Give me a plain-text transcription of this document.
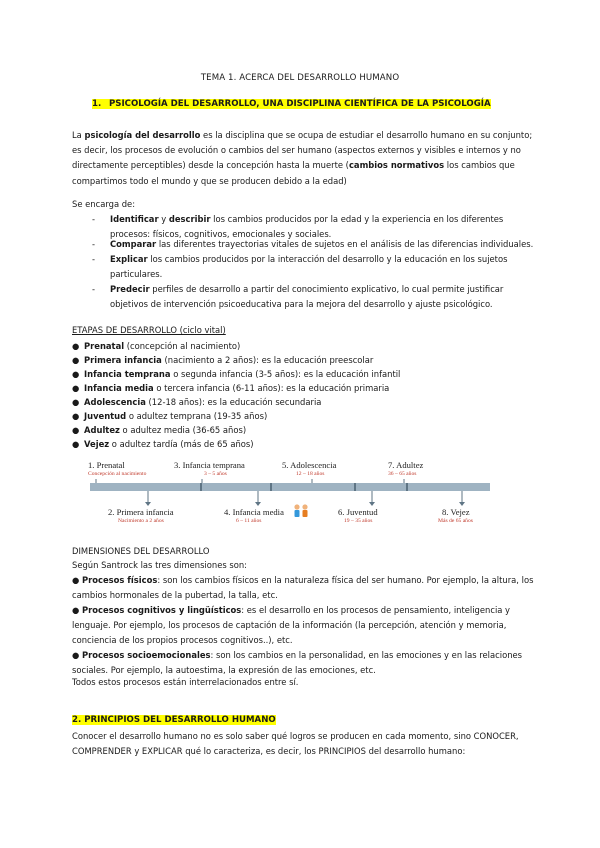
TEMA 1. ACERCA DEL DESARROLLO HUMANO
1. PSICOLOGÍA DEL DESARROLLO, UNA DISCIPLINA CIENTÍFICA DE LA PSICOLOGÍA
La psicología del desarrollo es la disciplina que se ocupa de estudiar el desarrollo humano en su conjunto; es decir, los procesos de evolución o cambios del ser humano (aspectos externos y visibles e internos y no directamente perceptibles) desde la concepción hasta la muerte (cambios normativos los cambios que compartimos todo el mundo y que se producen debido a la edad)
Se encarga de:
- Identificar y describir los cambios producidos por la edad y la experiencia en los diferentes procesos: físicos, cognitivos, emocionales y sociales.
- Comparar las diferentes trayectorias vitales de sujetos en el análisis de las diferencias individuales.
- Explicar los cambios producidos por la interacción del desarrollo y la educación en los sujetos particulares.
- Predecir perfiles de desarrollo a partir del conocimiento explicativo, lo cual permite justificar objetivos de intervención psicoeducativa para la mejora del desarrollo y ajuste psicológico.
ETAPAS DE DESARROLLO (ciclo vital)
● Prenatal (concepción al nacimiento)
● Primera infancia (nacimiento a 2 años): es la educación preescolar
● Infancia temprana o segunda infancia (3-5 años): es la educación infantil
● Infancia media o tercera infancia (6-11 años): es la educación primaria
● Adolescencia (12-18 años): es la educación secundaria
● Juventud o adultez temprana (19-35 años)
● Adultez o adultez media (36-65 años)
● Vejez o adultez tardía (más de 65 años)
1. Prenatal
Concepción al nacimiento
3. Infancia temprana
3 – 5 años
5. Adolescencia
12 – 18 años
7. Adultez
36 – 65 años
2. Primera infancia
Nacimiento a 2 años
4. Infancia media
6 – 11 años
6. Juventud
19 – 35 años
8. Vejez
Más de 65 años
DIMENSIONES DEL DESARROLLO
Según Santrock las tres dimensiones son:
● Procesos físicos: son los cambios físicos en la naturaleza física del ser humano. Por ejemplo, la altura, los cambios hormonales de la pubertad, la talla, etc.
● Procesos cognitivos y lingüísticos: es el desarrollo en los procesos de pensamiento, inteligencia y lenguaje. Por ejemplo, los procesos de captación de la información (la percepción, atención y memoria, conciencia de los propios procesos cognitivos..), etc.
● Procesos socioemocionales: son los cambios en la personalidad, en las emociones y en las relaciones sociales. Por ejemplo, la autoestima, la expresión de las emociones, etc.
Todos estos procesos están interrelacionados entre sí.
2. PRINCIPIOS DEL DESARROLLO HUMANO
Conocer el desarrollo humano no es solo saber qué logros se producen en cada momento, sino CONOCER, COMPRENDER y EXPLICAR qué lo caracteriza, es decir, los PRINCIPIOS del desarrollo humano:
